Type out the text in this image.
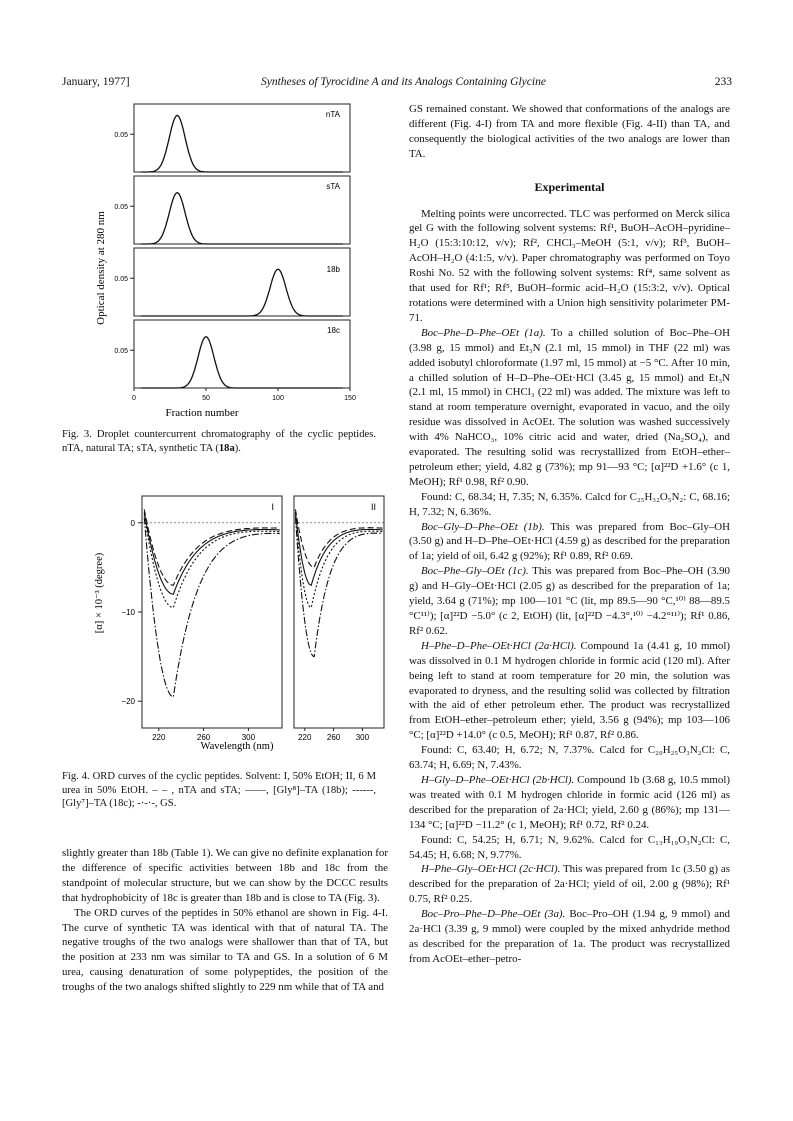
January, 1977]	Syntheses of Tyrocidine A and its Analogs Containing Glycine	233
Optical density at 280 nm
0.05
nTA
0.05
sTA
0.05
18b
0.05
18c
0	50	100	150
Fraction number
Fig. 3. Droplet countercurrent chromatography of the cyclic peptides. nTA, natural TA; sTA, synthetic TA (18a).
[α] × 10⁻³ (degree)
0
−10
−20
I
220	260	300
II
220 260 300
Wavelength (nm)
Fig. 4. ORD curves of the cyclic peptides. Solvent: I, 50% EtOH; II, 6 M urea in 50% EtOH. – – , nTA and sTA; ––––, [Gly⁸]–TA (18b); ------, [Gly⁷]–TA (18c); -·-·-, GS.

slightly greater than 18b (Table 1). We can give no definite explanation for the difference of specific activities between 18b and 18c from the standpoint of molecular structure, but we can show by the DCCC results that hydrophobicity of 18c is greater than 18b and is close to TA (Fig. 3).

The ORD curves of the peptides in 50% ethanol are shown in Fig. 4-I. The curve of synthetic TA was identical with that of natural TA. The negative troughs of the two analogs were shallower than that of TA, but the position at 233 nm was similar to TA and GS. In a solution of 6 M urea, causing denaturation of some polypeptides, the position of the troughs of the two analogs shifted slightly to 229 nm while that of TA and

GS remained constant. We showed that conformations of the analogs are different (Fig. 4-I) from TA and more flexible (Fig. 4-II) than TA, and consequently the biological activities of the two analogs are lower than TA.

Experimental

Melting points were uncorrected. TLC was performed on Merck silica gel G with the following solvent systems: Rf¹, BuOH–AcOH–pyridine–H₂O (15:3:10:12, v/v); Rf², CHCl₃–MeOH (5:1, v/v); Rf³, BuOH–AcOH–H₂O (4:1:5, v/v). Paper chromatography was performed on Toyo Roshi No. 52 with the following solvent systems: Rf⁴, same solvent as that used for Rf¹; Rf⁵, BuOH–formic acid–H₂O (15:3:2, v/v). Optical rotations were determined with a Union high sensitivity polarimeter PM-71.

Boc–Phe–D–Phe–OEt (1a). To a chilled solution of Boc–Phe–OH (3.98 g, 15 mmol) and Et₃N (2.1 ml, 15 mmol) in THF (22 ml) was added isobutyl chloroformate (1.97 ml, 15 mmol) at −5 °C. After 10 min, a chilled solution of H–D–Phe–OEt·HCl (3.45 g, 15 mmol) and Et₃N (2.1 ml, 15 mmol) in CHCl₃ (22 ml) was added. The mixture was left to stand at room temperature overnight, evaporated in vacuo, and the oily residue was dissolved in AcOEt. The solution was washed successively with 4% NaHCO₃, 10% citric acid and water, dried (Na₂SO₄), and evaporated. The resulting solid was recrystallized from EtOH–ether–petroleum ether; yield, 4.82 g (73%); mp 91—93 °C; [α]²²D +1.6° (c 1, MeOH); Rf¹ 0.98, Rf² 0.90.

Found: C, 68.34; H, 7.35; N, 6.35%. Calcd for C₂₅H₃₂O₅N₂: C, 68.16; H, 7.32; N, 6.36%.

Boc–Gly–D–Phe–OEt (1b). This was prepared from Boc–Gly–OH (3.50 g) and H–D–Phe–OEt·HCl (4.59 g) as described for the preparation of 1a; yield of oil, 6.42 g (92%); Rf¹ 0.89, Rf² 0.69.

Boc–Phe–Gly–OEt (1c). This was prepared from Boc–Phe–OH (3.90 g) and H–Gly–OEt·HCl (2.05 g) as described for the preparation of 1a; yield, 3.64 g (71%); mp 100—101 °C (lit, mp 89.5—90 °C,¹⁰⁾ 88—89.5 °C¹¹⁾); [α]²²D −5.0° (c 2, EtOH) (lit, [α]²²D −4.3°,¹⁰⁾ −4.2°¹¹⁾); Rf¹ 0.86, Rf² 0.62.

H–Phe–D–Phe–OEt·HCl (2a·HCl). Compound 1a (4.41 g, 10 mmol) was dissolved in 0.1 M hydrogen chloride in formic acid (120 ml). After being left to stand at room temperature for 20 min, the solution was evaporated to dryness, and the resulting solid was collected by filtration with the aid of ether petroleum ether. The product was recrystallized from EtOH–ether–petroleum ether; yield, 3.56 g (94%); mp 103—106 °C; [α]²²D +14.0° (c 0.5, MeOH); Rf¹ 0.87, Rf² 0.86.

Found: C, 63.40; H, 6.72; N, 7.37%. Calcd for C₂₀H₂₅O₃N₂Cl: C, 63.74; H, 6.69; N, 7.43%.

H–Gly–D–Phe–OEt·HCl (2b·HCl). Compound 1b (3.68 g, 10.5 mmol) was treated with 0.1 M hydrogen chloride in formic acid (126 ml) as described for the preparation of 2a·HCl; yield, 2.60 g (86%); mp 131—134 °C; [α]²²D −11.2° (c 1, MeOH); Rf¹ 0.72, Rf² 0.24.

Found: C, 54.25; H, 6.71; N, 9.62%. Calcd for C₁₃H₁₉O₃N₂Cl: C, 54.45; H, 6.68; N, 9.77%.

H–Phe–Gly–OEt·HCl (2c·HCl). This was prepared from 1c (3.50 g) as described for the preparation of 2a·HCl; yield of oil, 2.00 g (98%); Rf¹ 0.75, Rf² 0.25.

Boc–Pro–Phe–D–Phe–OEt (3a). Boc–Pro–OH (1.94 g, 9 mmol) and 2a·HCl (3.39 g, 9 mmol) were coupled by the mixed anhydride method as described for the preparation of 1a. The product was recrystallized from AcOEt–ether–petro-
